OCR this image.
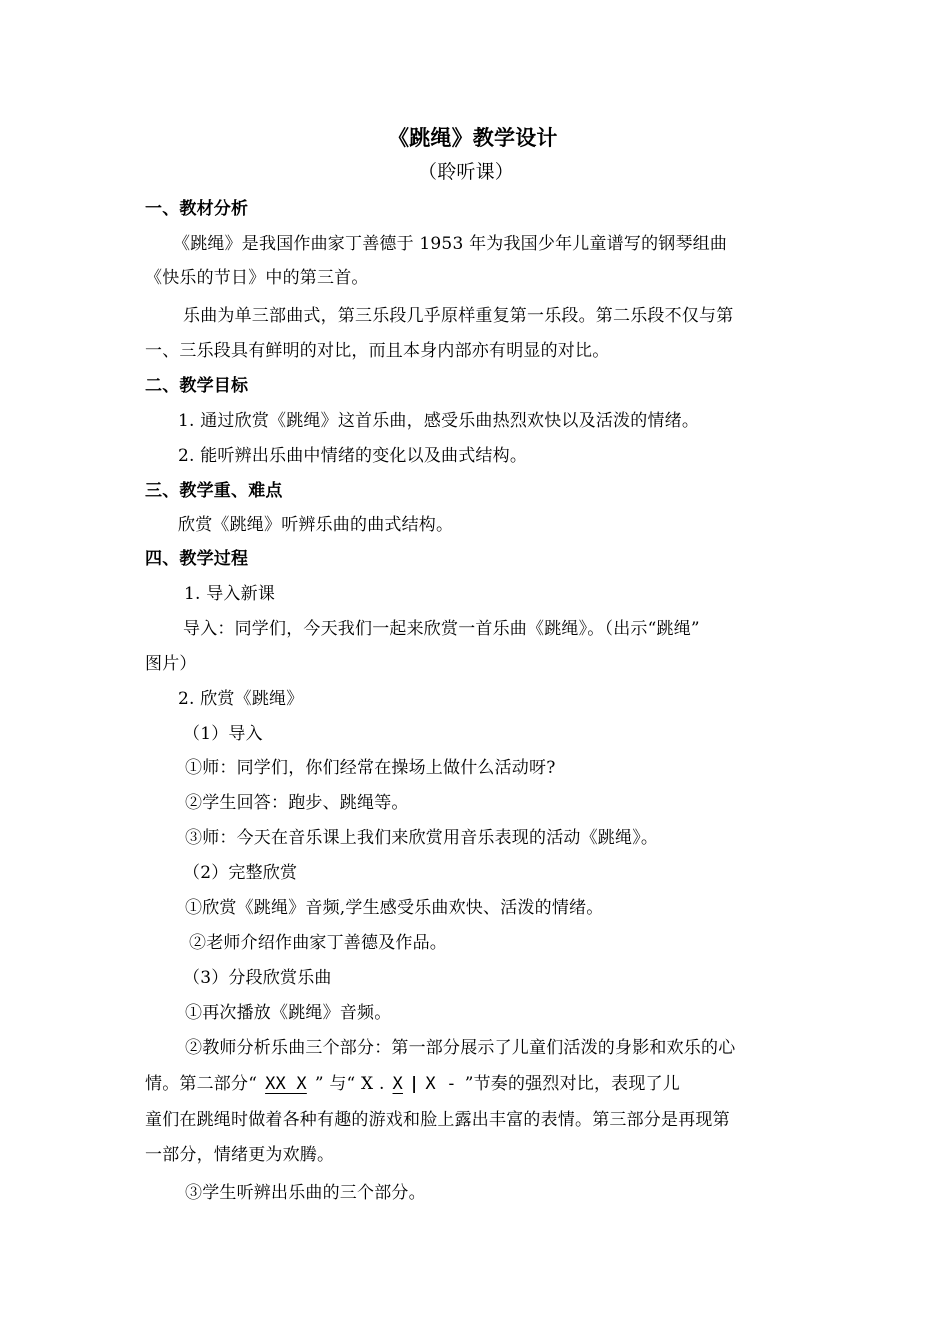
《跳绳》教学设计
（聆听课）
一、教材分析
《跳绳》是我国作曲家丁善德于 1953 年为我国少年儿童谱写的钢琴组曲
《快乐的节日》中的第三首。
乐曲为单三部曲式，第三乐段几乎原样重复第一乐段。第二乐段不仅与第
一、三乐段具有鲜明的对比，而且本身内部亦有明显的对比。
二、教学目标
1. 通过欣赏《跳绳》这首乐曲，感受乐曲热烈欢快以及活泼的情绪。
2. 能听辨出乐曲中情绪的变化以及曲式结构。
三、教学重、难点
欣赏《跳绳》听辨乐曲的曲式结构。
四、教学过程
1. 导入新课
导入：同学们，今天我们一起来欣赏一首乐曲《跳绳》。（出示“跳绳”
图片）
2. 欣赏《跳绳》
（1）导入
①师：同学们，你们经常在操场上做什么活动呀?
②学生回答：跑步、跳绳等。
③师：今天在音乐课上我们来欣赏用音乐表现的活动《跳绳》。
（2）完整欣赏
①欣赏《跳绳》音频,学生感受乐曲欢快、活泼的情绪。
②老师介绍作曲家丁善德及作品。
（3）分段欣赏乐曲
①再次播放《跳绳》音频。
②教师分析乐曲三个部分：第一部分展示了儿童们活泼的身影和欢乐的心
情。第二部分“ XX X ” 与“ X . X | X - ”节奏的强烈对比，表现了儿
童们在跳绳时做着各种有趣的游戏和脸上露出丰富的表情。第三部分是再现第
一部分，情绪更为欢腾。
③学生听辨出乐曲的三个部分。
